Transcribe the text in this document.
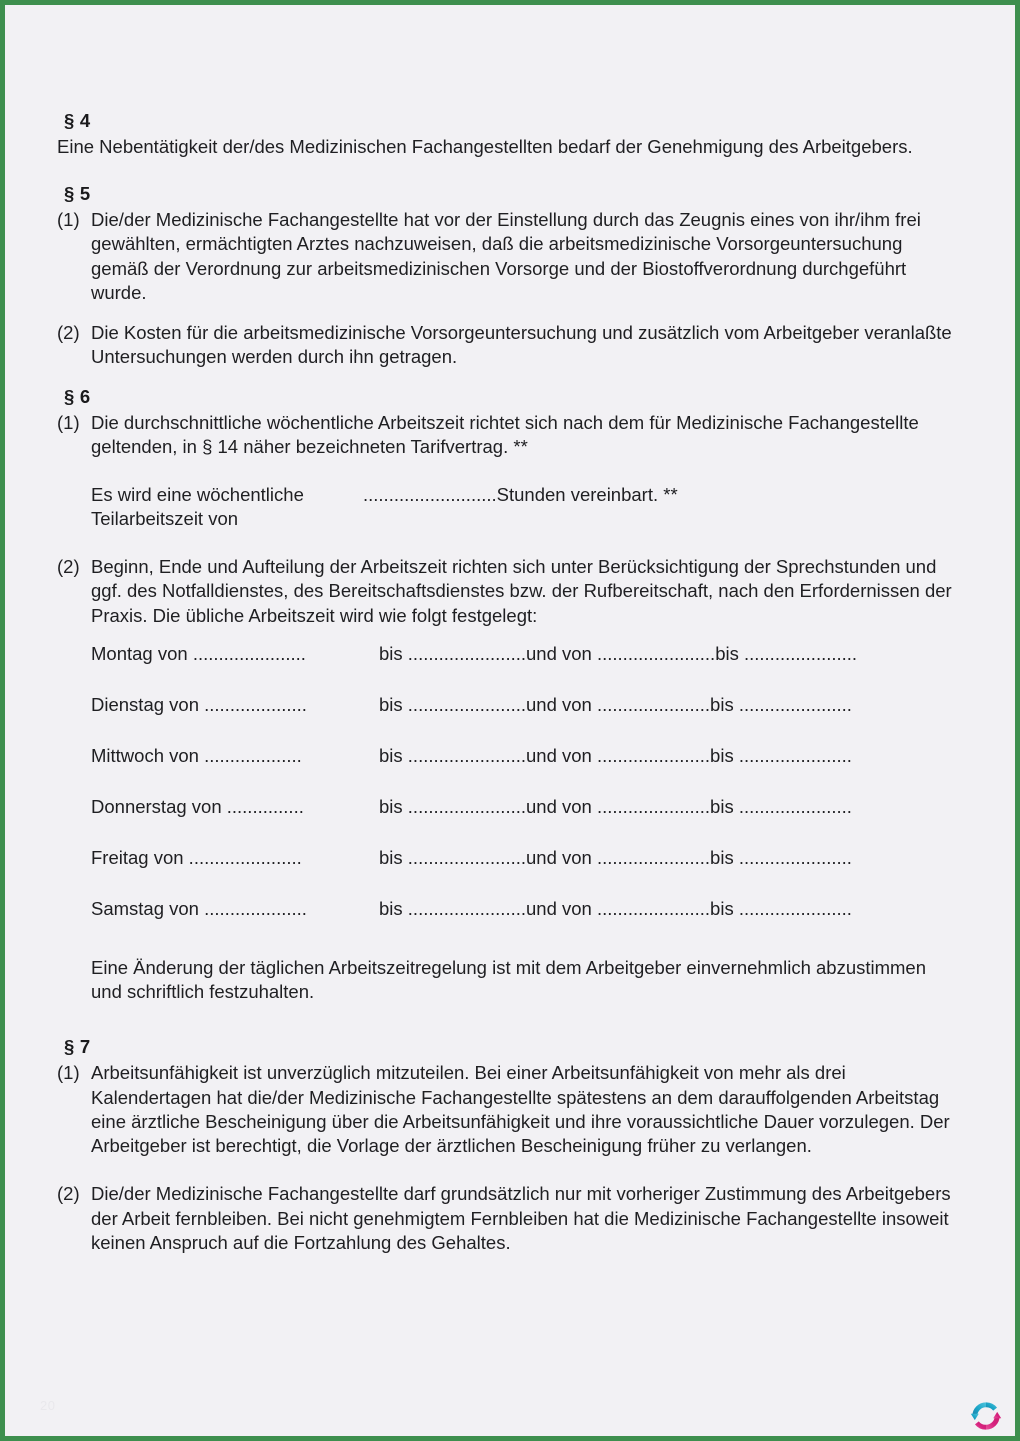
§ 4

Eine Nebentätigkeit der/des Medizinischen Fachangestellten bedarf der Genehmigung des Arbeitgebers.

§ 5
(1) Die/der Medizinische Fachangestellte hat vor der Einstellung durch das Zeugnis eines von ihr/ihm frei gewählten, ermächtigten Arztes nachzuweisen, daß die arbeitsmedizinische Vorsorgeuntersuchung gemäß der Verordnung zur arbeitsmedizinischen Vorsorge und der Biostoffverordnung durchgeführt wurde.
(2) Die Kosten für die arbeitsmedizinische Vorsorgeuntersuchung und zusätzlich vom Arbeitgeber veranlaßte Untersuchungen werden durch ihn getragen.
§ 6
(1) Die durchschnittliche wöchentliche Arbeitszeit richtet sich nach dem für Medizinische Fachangestellte geltenden, in § 14 näher bezeichneten Tarifvertrag. **
Es wird eine wöchentliche Teilarbeitszeit von
..........................Stunden vereinbart. **
(2) Beginn, Ende und Aufteilung der Arbeitszeit richten sich unter Berücksichtigung der Sprechstunden und ggf. des Notfalldienstes, des Bereitschaftsdienstes bzw. der Rufbereitschaft, nach den Erfordernissen der Praxis. Die übliche Arbeitszeit wird wie folgt festgelegt:
Montag von ......................	bis .......................und von .......................bis ......................
Dienstag von ....................	bis .......................und von ......................bis ......................
Mittwoch von ...................	bis .......................und von ......................bis ......................
Donnerstag von ...............	bis .......................und von ......................bis ......................
Freitag von ......................	bis .......................und von ......................bis ......................
Samstag von ....................	bis .......................und von ......................bis ......................

Eine Änderung der täglichen Arbeitszeitregelung ist mit dem Arbeitgeber einvernehmlich abzustimmen und schriftlich festzuhalten.

§ 7
(1) Arbeitsunfähigkeit ist unverzüglich mitzuteilen. Bei einer Arbeitsunfähigkeit von mehr als drei Kalendertagen hat die/der Medizinische Fachangestellte spätestens an dem darauffolgenden Arbeitstag eine ärztliche Bescheinigung über die Arbeitsunfähigkeit und ihre voraussichtliche Dauer vorzulegen. Der Arbeitgeber ist berechtigt, die Vorlage der ärztlichen Bescheinigung früher zu verlangen.
(2) Die/der Medizinische Fachangestellte darf grundsätzlich nur mit vorheriger Zustimmung des Arbeitgebers der Arbeit fernbleiben. Bei nicht genehmigtem Fernbleiben hat die Medizinische Fachangestellte insoweit keinen Anspruch auf die Fortzahlung des Gehaltes.
20
